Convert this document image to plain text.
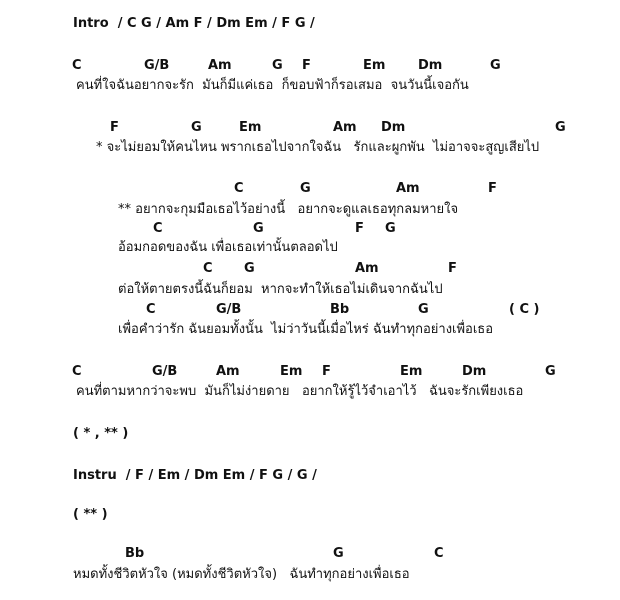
Intro  / C G / Am F / Dm Em / F G /
C	G/B	Am	G F	Em	Dm	G
คนที่ใจฉันอยากจะรัก  มันก็มีแค่เธอ  ก็ขอบฟ้าก็รอเสมอ  จนวันนี้เจอกัน
F	G	Em	Am Dm	G
* จะไม่ยอมให้คนไหน พรากเธอไปจากใจฉัน   รักและผูกพัน  ไม่อาจจะสูญเสียไป
C	G	Am	F
** อยากจะกุมมือเธอไว้อย่างนี้   อยากจะดูแลเธอทุกลมหายใจ
C	G	F G
อ้อมกอดของฉัน เพื่อเธอเท่านั้นตลอดไป
C G	Am	F
ต่อให้ตายตรงนี้ฉันก็ยอม  หากจะทำให้เธอไม่เดินจากฉันไป
C	G/B	Bb	G	( C )
เพื่อคำว่ารัก ฉันยอมทั้งนั้น  ไม่ว่าวันนี้เมื่อไหร่ ฉันทำทุกอย่างเพื่อเธอ
C	G/B	Am	Em F	Em	Dm	G
คนที่ตามหากว่าจะพบ  มันก็ไม่ง่ายดาย   อยากให้รู้ไว้จำเอาไว้   ฉันจะรักเพียงเธอ
( * , ** )
Instru  / F / Em / Dm Em / F G / G /
( ** )
Bb	G	C
หมดทั้งชีวิตหัวใจ (หมดทั้งชีวิตหัวใจ)   ฉันทำทุกอย่างเพื่อเธอ
